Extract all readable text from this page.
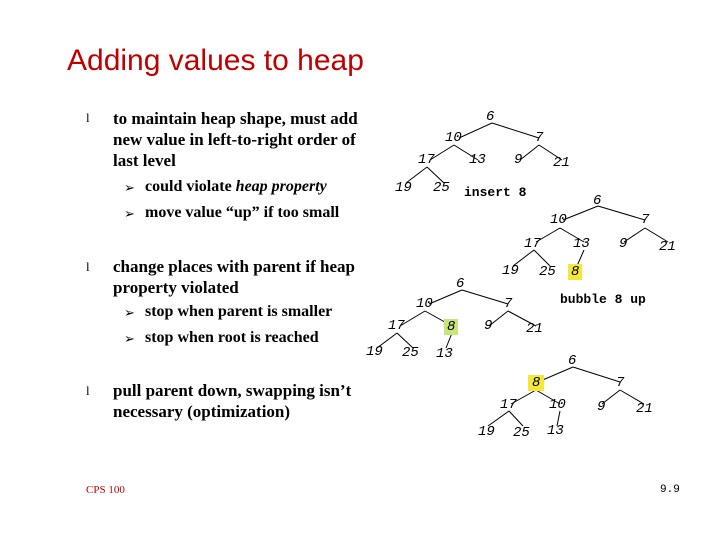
Adding values to heap
l to maintain heap shape, must add new value in left-to-right order of last level
➢ could violate heap property
➢ move value “up” if too small
l change places with parent if heap property violated
➢ stop when parent is smaller
➢ stop when root is reached
l pull parent down, swapping isn’t necessary (optimization)
6
10	7
17 13 9 21
19 25 insert 8
6
10	7
17 13 9 21
19 25 8
bubble 8 up
6
10	7
17	8 9 21
19 25 13	6
8	7
17 10 9 21
19 25 13
CPS 100	9.9
